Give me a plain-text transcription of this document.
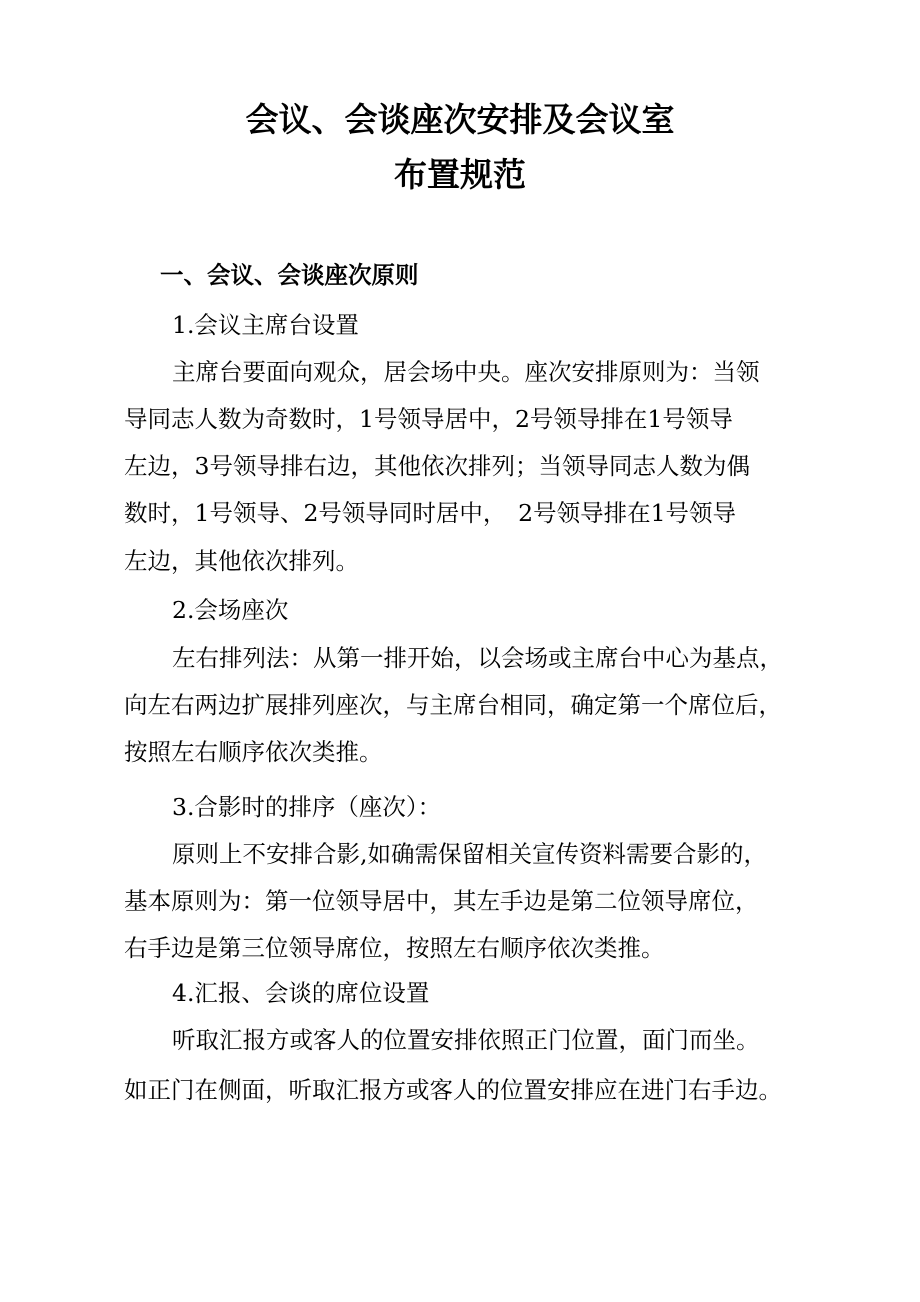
会议、会谈座次安排及会议室
布置规范
一、会议、会谈座次原则
1.会议主席台设置
主席台要面向观众，居会场中央。座次安排原则为：当领
导同志人数为奇数时，1号领导居中，2号领导排在1号领导
左边，3号领导排右边，其他依次排列；当领导同志人数为偶
数时，1号领导、2号领导同时居中，　2号领导排在1号领导
左边，其他依次排列。
2.会场座次
左右排列法：从第一排开始，以会场或主席台中心为基点，
向左右两边扩展排列座次，与主席台相同，确定第一个席位后，
按照左右顺序依次类推。
3.合影时的排序（座次）：
原则上不安排合影,如确需保留相关宣传资料需要合影的，
基本原则为：第一位领导居中，其左手边是第二位领导席位，
右手边是第三位领导席位，按照左右顺序依次类推。
4.汇报、会谈的席位设置
听取汇报方或客人的位置安排依照正门位置，面门而坐。
如正门在侧面，听取汇报方或客人的位置安排应在进门右手边。
